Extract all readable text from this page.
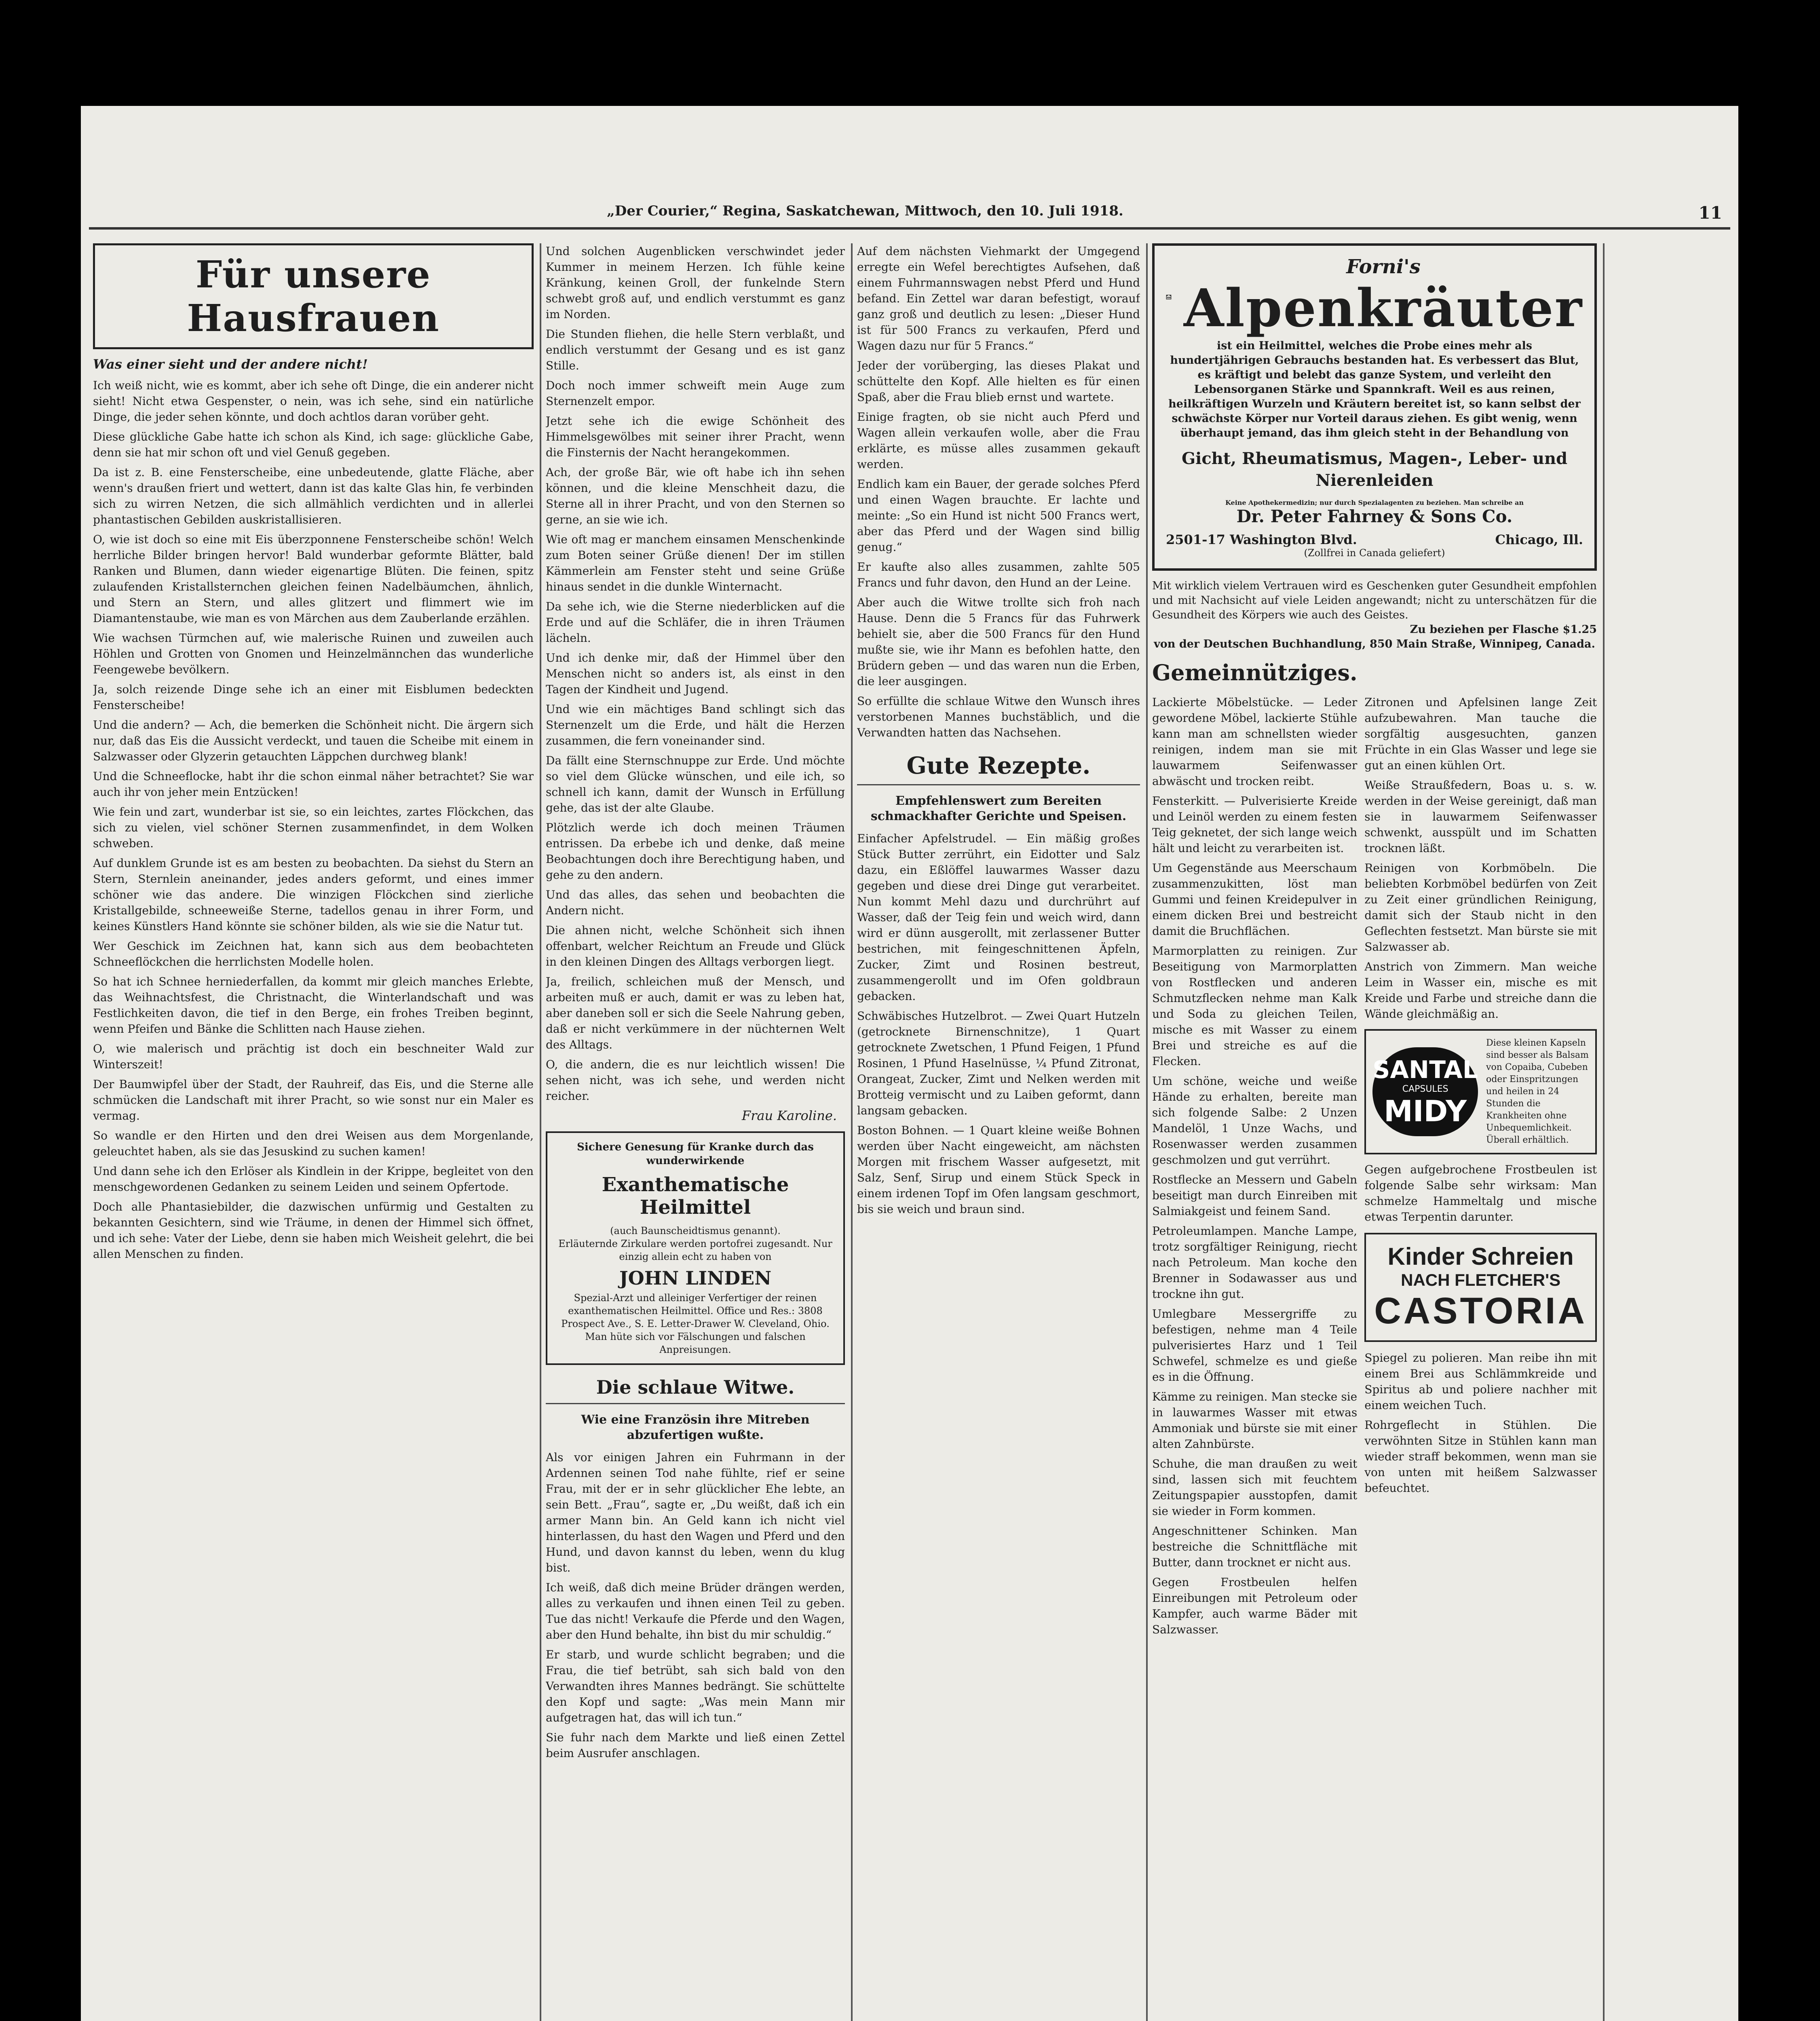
„Der Courier,“ Regina, Saskatchewan, Mittwoch, den 10. Juli 1918.	11
Für unsere Hausfrauen
Was einer sieht und der andere nicht!

Ich weiß nicht, wie es kommt, aber ich sehe oft Dinge, die ein anderer nicht sieht! Nicht etwa Gespenster, o nein, was ich sehe, sind ein natürliche Dinge, die jeder sehen könnte, und doch achtlos daran vorüber geht.

Diese glückliche Gabe hatte ich schon als Kind, ich sage: glückliche Gabe, denn sie hat mir schon oft und viel Genuß gegeben.

Da ist z. B. eine Fensterscheibe, eine unbedeutende, glatte Fläche, aber wenn's draußen friert und wettert, dann ist das kalte Glas hin, fe verbinden sich zu wirren Netzen, die sich allmählich verdichten und in allerlei phantastischen Gebilden auskristallisieren.

O, wie ist doch so eine mit Eis überzponnene Fensterscheibe schön! Welch herrliche Bilder bringen hervor! Bald wunderbar geformte Blätter, bald Ranken und Blumen, dann wieder eigenartige Blüten. Die feinen, spitz zulaufenden Kristallsternchen gleichen feinen Nadelbäumchen, ähnlich, und Stern an Stern, und alles glitzert und flimmert wie im Diamantenstaube, wie man es von Märchen aus dem Zauberlande erzählen.

Wie wachsen Türmchen auf, wie malerische Ruinen und zuweilen auch Höhlen und Grotten von Gnomen und Heinzelmännchen das wunderliche Feengewebe bevölkern.

Ja, solch reizende Dinge sehe ich an einer mit Eisblumen bedeckten Fensterscheibe!

Und die andern? — Ach, die bemerken die Schönheit nicht. Die ärgern sich nur, daß das Eis die Aussicht verdeckt, und tauen die Scheibe mit einem in Salzwasser oder Glyzerin getauchten Läppchen durchweg blank!

Und die Schneeflocke, habt ihr die schon einmal näher betrachtet? Sie war auch ihr von jeher mein Entzücken!

Wie fein und zart, wunderbar ist sie, so ein leichtes, zartes Flöckchen, das sich zu vielen, viel schöner Sternen zusammenfindet, in dem Wolken schweben.

Auf dunklem Grunde ist es am besten zu beobachten. Da siehst du Stern an Stern, Sternlein aneinander, jedes anders geformt, und eines immer schöner wie das andere. Die winzigen Flöckchen sind zierliche Kristallgebilde, schneeweiße Sterne, tadellos genau in ihrer Form, und keines Künstlers Hand könnte sie schöner bilden, als wie sie die Natur tut.

Wer Geschick im Zeichnen hat, kann sich aus dem beobachteten Schneeflöckchen die herrlichsten Modelle holen.

So hat ich Schnee herniederfallen, da kommt mir gleich manches Erlebte, das Weihnachtsfest, die Christnacht, die Winterlandschaft und was Festlichkeiten davon, die tief in den Berge, ein frohes Treiben beginnt, wenn Pfeifen und Bänke die Schlitten nach Hause ziehen.

O, wie malerisch und prächtig ist doch ein beschneiter Wald zur Winterszeit!

Der Baumwipfel über der Stadt, der Rauhreif, das Eis, und die Sterne alle schmücken die Landschaft mit ihrer Pracht, so wie sonst nur ein Maler es vermag.

So wandle er den Hirten und den drei Weisen aus dem Morgenlande, geleuchtet haben, als sie das Jesuskind zu suchen kamen!

Und dann sehe ich den Erlöser als Kindlein in der Krippe, begleitet von den menschgewordenen Gedanken zu seinem Leiden und seinem Opfertode.

Doch alle Phantasiebilder, die dazwischen unfürmig und Gestalten zu bekannten Gesichtern, sind wie Träume, in denen der Himmel sich öffnet, und ich sehe: Vater der Liebe, denn sie haben mich Weisheit gelehrt, die bei allen Menschen zu finden.

Und solchen Augenblicken verschwindet jeder Kummer in meinem Herzen. Ich fühle keine Kränkung, keinen Groll, der funkelnde Stern schwebt groß auf, und endlich verstummt es ganz im Norden.

Die Stunden fliehen, die helle Stern verblaßt, und endlich verstummt der Gesang und es ist ganz Stille.

Doch noch immer schweift mein Auge zum Sternenzelt empor.

Jetzt sehe ich die ewige Schönheit des Himmelsgewölbes mit seiner ihrer Pracht, wenn die Finsternis der Nacht herangekommen.

Ach, der große Bär, wie oft habe ich ihn sehen können, und die kleine Menschheit dazu, die Sterne all in ihrer Pracht, und von den Sternen so gerne, an sie wie ich.

Wie oft mag er manchem einsamen Menschenkinde zum Boten seiner Grüße dienen! Der im stillen Kämmerlein am Fenster steht und seine Grüße hinaus sendet in die dunkle Winternacht.

Da sehe ich, wie die Sterne niederblicken auf die Erde und auf die Schläfer, die in ihren Träumen lächeln.

Und ich denke mir, daß der Himmel über den Menschen nicht so anders ist, als einst in den Tagen der Kindheit und Jugend.

Und wie ein mächtiges Band schlingt sich das Sternenzelt um die Erde, und hält die Herzen zusammen, die fern voneinander sind.

Da fällt eine Sternschnuppe zur Erde. Und möchte so viel dem Glücke wünschen, und eile ich, so schnell ich kann, damit der Wunsch in Erfüllung gehe, das ist der alte Glaube.

Plötzlich werde ich doch meinen Träumen entrissen. Da erbebe ich und denke, daß meine Beobachtungen doch ihre Berechtigung haben, und gehe zu den andern.

Und das alles, das sehen und beobachten die Andern nicht.

Die ahnen nicht, welche Schönheit sich ihnen offenbart, welcher Reichtum an Freude und Glück in den kleinen Dingen des Alltags verborgen liegt.

Ja, freilich, schleichen muß der Mensch, und arbeiten muß er auch, damit er was zu leben hat, aber daneben soll er sich die Seele Nahrung geben, daß er nicht verkümmere in der nüchternen Welt des Alltags.

O, die andern, die es nur leichtlich wissen! Die sehen nicht, was ich sehe, und werden nicht reicher.

Frau Karoline.
Sichere Genesung für Kranke durch das wunderwirkende
Exanthematische Heilmittel
(auch Baunscheidtismus genannt).
Erläuternde Zirkulare werden portofrei zugesandt. Nur einzig allein echt zu haben von
JOHN LINDEN
Spezial-Arzt und alleiniger Verfertiger der reinen exanthematischen Heilmittel. Office und Res.: 3808 Prospect Ave., S. E. Letter-Drawer W. Cleveland, Ohio. Man hüte sich vor Fälschungen und falschen Anpreisungen.
Die schlaue Witwe.
Wie eine Französin ihre Mitreben abzufertigen wußte.

Als vor einigen Jahren ein Fuhrmann in der Ardennen seinen Tod nahe fühlte, rief er seine Frau, mit der er in sehr glücklicher Ehe lebte, an sein Bett. „Frau“, sagte er, „Du weißt, daß ich ein armer Mann bin. An Geld kann ich nicht viel hinterlassen, du hast den Wagen und Pferd und den Hund, und davon kannst du leben, wenn du klug bist.

Ich weiß, daß dich meine Brüder drängen werden, alles zu verkaufen und ihnen einen Teil zu geben. Tue das nicht! Verkaufe die Pferde und den Wagen, aber den Hund behalte, ihn bist du mir schuldig.“

Er starb, und wurde schlicht begraben; und die Frau, die tief betrübt, sah sich bald von den Verwandten ihres Mannes bedrängt. Sie schüttelte den Kopf und sagte: „Was mein Mann mir aufgetragen hat, das will ich tun.“

Sie fuhr nach dem Markte und ließ einen Zettel beim Ausrufer anschlagen.

Auf dem nächsten Viehmarkt der Umgegend erregte ein Wefel berechtigtes Aufsehen, daß einem Fuhrmannswagen nebst Pferd und Hund befand. Ein Zettel war daran befestigt, worauf ganz groß und deutlich zu lesen: „Dieser Hund ist für 500 Francs zu verkaufen, Pferd und Wagen dazu nur für 5 Francs.“

Jeder der vorüberging, las dieses Plakat und schüttelte den Kopf. Alle hielten es für einen Spaß, aber die Frau blieb ernst und wartete.

Einige fragten, ob sie nicht auch Pferd und Wagen allein verkaufen wolle, aber die Frau erklärte, es müsse alles zusammen gekauft werden.

Endlich kam ein Bauer, der gerade solches Pferd und einen Wagen brauchte. Er lachte und meinte: „So ein Hund ist nicht 500 Francs wert, aber das Pferd und der Wagen sind billig genug.“

Er kaufte also alles zusammen, zahlte 505 Francs und fuhr davon, den Hund an der Leine.

Aber auch die Witwe trollte sich froh nach Hause. Denn die 5 Francs für das Fuhrwerk behielt sie, aber die 500 Francs für den Hund mußte sie, wie ihr Mann es befohlen hatte, den Brüdern geben — und das waren nun die Erben, die leer ausgingen.

So erfüllte die schlaue Witwe den Wunsch ihres verstorbenen Mannes buchstäblich, und die Verwandten hatten das Nachsehen.

Gute Rezepte.
Empfehlenswert zum Bereiten schmackhafter Gerichte und Speisen.

Einfacher Apfelstrudel. — Ein mäßig großes Stück Butter zerrührt, ein Eidotter und Salz dazu, ein Eßlöffel lauwarmes Wasser dazu gegeben und diese drei Dinge gut verarbeitet. Nun kommt Mehl dazu und durchrührt auf Wasser, daß der Teig fein und weich wird, dann wird er dünn ausgerollt, mit zerlassener Butter bestrichen, mit feingeschnittenen Äpfeln, Zucker, Zimt und Rosinen bestreut, zusammengerollt und im Ofen goldbraun gebacken.

Schwäbisches Hutzelbrot. — Zwei Quart Hutzeln (getrocknete Birnenschnitze), 1 Quart getrocknete Zwetschen, 1 Pfund Feigen, 1 Pfund Rosinen, 1 Pfund Haselnüsse, ¼ Pfund Zitronat, Orangeat, Zucker, Zimt und Nelken werden mit Brotteig vermischt und zu Laiben geformt, dann langsam gebacken.

Boston Bohnen. — 1 Quart kleine weiße Bohnen werden über Nacht eingeweicht, am nächsten Morgen mit frischem Wasser aufgesetzt, mit Salz, Senf, Sirup und einem Stück Speck in einem irdenen Topf im Ofen langsam geschmort, bis sie weich und braun sind.

Forni's
Alpenkräuter
ist ein Heilmittel, welches die Probe eines mehr als hundertjährigen Gebrauchs bestanden hat. Es verbessert das Blut, es kräftigt und belebt das ganze System, und verleiht den Lebensorganen Stärke und Spannkraft. Weil es aus reinen, heilkräftigen Wurzeln und Kräutern bereitet ist, so kann selbst der schwächste Körper nur Vorteil daraus ziehen. Es gibt wenig, wenn überhaupt jemand, das ihm gleich steht in der Behandlung von
Gicht, Rheumatismus, Magen-, Leber- und Nierenleiden
Keine Apothekermedizin; nur durch Spezialagenten zu beziehen. Man schreibe an
Dr. Peter Fahrney & Sons Co.
2501-17 Washington Blvd.	Chicago, Ill.
(Zollfrei in Canada geliefert)
Mit wirklich vielem Vertrauen wird es Geschenken guter Gesundheit empfohlen und mit Nachsicht auf viele Leiden angewandt; nicht zu unterschätzen für die Gesundheit des Körpers wie auch des Geistes.
Zu beziehen per Flasche $1.25
von der Deutschen Buchhandlung, 850 Main Straße, Winnipeg, Canada.
Gemeinnütziges.

Lackierte Möbelstücke. — Leder gewordene Möbel, lackierte Stühle kann man am schnellsten wieder reinigen, indem man sie mit lauwarmem Seifenwasser abwäscht und trocken reibt.

Fensterkitt. — Pulverisierte Kreide und Leinöl werden zu einem festen Teig geknetet, der sich lange weich hält und leicht zu verarbeiten ist.

Um Gegenstände aus Meerschaum zusammenzukitten, löst man Gummi und feinen Kreidepulver in einem dicken Brei und bestreicht damit die Bruchflächen.

Marmorplatten zu reinigen. Zur Beseitigung von Marmorplatten von Rostflecken und anderen Schmutzflecken nehme man Kalk und Soda zu gleichen Teilen, mische es mit Wasser zu einem Brei und streiche es auf die Flecken.

Um schöne, weiche und weiße Hände zu erhalten, bereite man sich folgende Salbe: 2 Unzen Mandelöl, 1 Unze Wachs, und Rosenwasser werden zusammen geschmolzen und gut verrührt.

Rostflecke an Messern und Gabeln beseitigt man durch Einreiben mit Salmiakgeist und feinem Sand.

Petroleumlampen. Manche Lampe, trotz sorgfältiger Reinigung, riecht nach Petroleum. Man koche den Brenner in Sodawasser aus und trockne ihn gut.

Umlegbare Messergriffe zu befestigen, nehme man 4 Teile pulverisiertes Harz und 1 Teil Schwefel, schmelze es und gieße es in die Öffnung.

Kämme zu reinigen. Man stecke sie in lauwarmes Wasser mit etwas Ammoniak und bürste sie mit einer alten Zahnbürste.

Schuhe, die man draußen zu weit sind, lassen sich mit feuchtem Zeitungspapier ausstopfen, damit sie wieder in Form kommen.

Angeschnittener Schinken. Man bestreiche die Schnittfläche mit Butter, dann trocknet er nicht aus.

Gegen Frostbeulen helfen Einreibungen mit Petroleum oder Kampfer, auch warme Bäder mit Salzwasser.

Zitronen und Apfelsinen lange Zeit aufzubewahren. Man tauche die sorgfältig ausgesuchten, ganzen Früchte in ein Glas Wasser und lege sie gut an einen kühlen Ort.

Weiße Straußfedern, Boas u. s. w. werden in der Weise gereinigt, daß man sie in lauwarmem Seifenwasser schwenkt, ausspült und im Schatten trocknen läßt.

Reinigen von Korbmöbeln. Die beliebten Korbmöbel bedürfen von Zeit zu Zeit einer gründlichen Reinigung, damit sich der Staub nicht in den Geflechten festsetzt. Man bürste sie mit Salzwasser ab.

Anstrich von Zimmern. Man weiche Leim in Wasser ein, mische es mit Kreide und Farbe und streiche dann die Wände gleichmäßig an.

SANTAL
CAPSULES
MIDY
Diese kleinen Kapseln sind besser als Balsam von Copaiba, Cubeben oder Einspritzungen und heilen in 24 Stunden die Krankheiten ohne Unbequemlichkeit. Überall erhältlich.

Gegen aufgebrochene Frostbeulen ist folgende Salbe sehr wirksam: Man schmelze Hammeltalg und mische etwas Terpentin darunter.

Kinder Schreien
NACH FLETCHER'S
CASTORIA

Spiegel zu polieren. Man reibe ihn mit einem Brei aus Schlämmkreide und Spiritus ab und poliere nachher mit einem weichen Tuch.

Rohrgeflecht in Stühlen. Die verwöhnten Sitze in Stühlen kann man wieder straff bekommen, wenn man sie von unten mit heißem Salzwasser befeuchtet.
